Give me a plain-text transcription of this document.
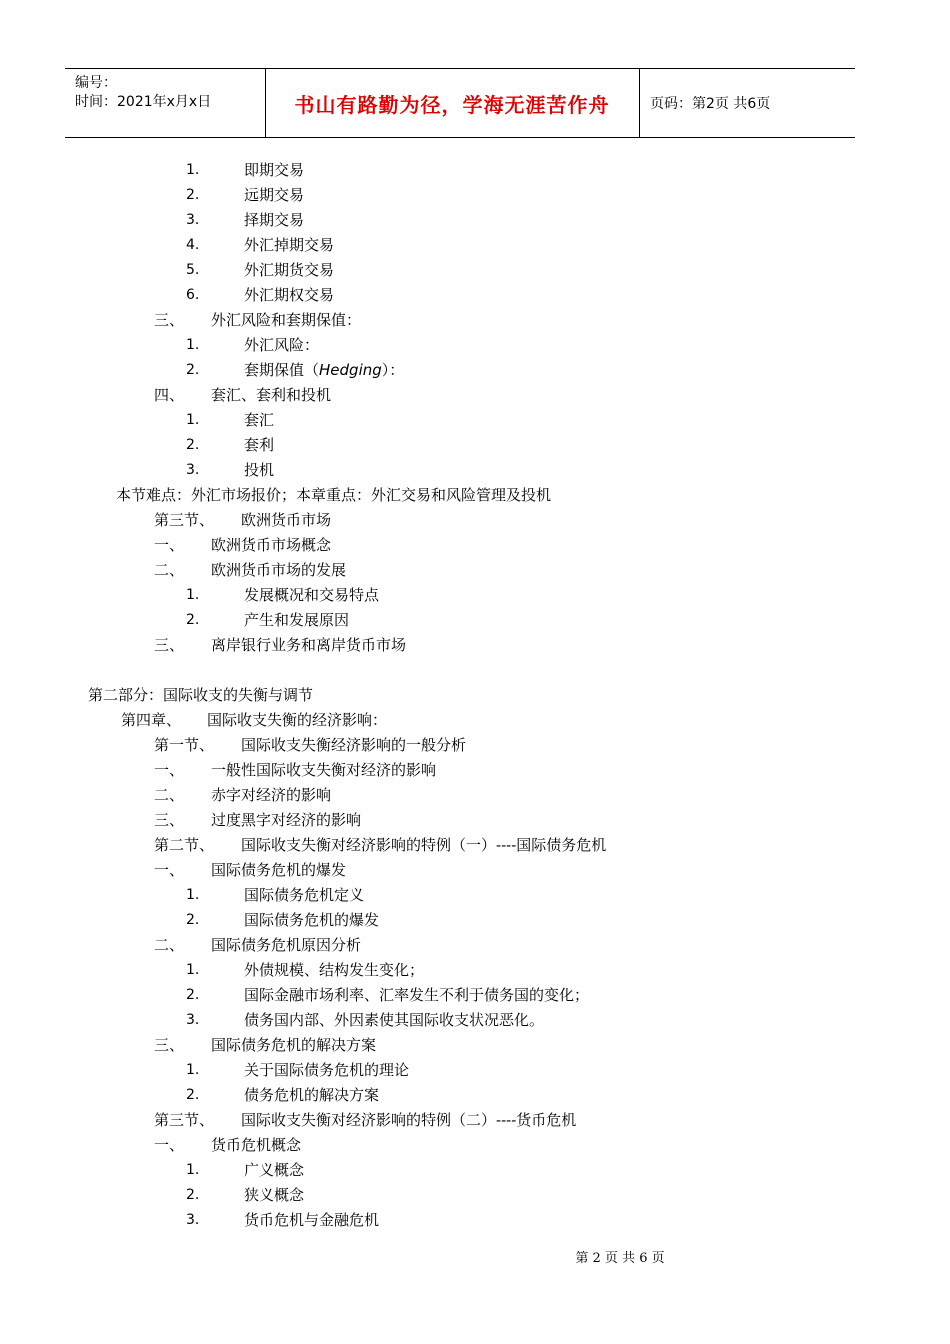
编号：
时间：2021年x月x日	书山有路勤为径，学海无涯苦作舟	页码：第2页 共6页
1.	即期交易
2.	远期交易
3.	择期交易
4.	外汇掉期交易
5.	外汇期货交易
6.	外汇期权交易
三、 外汇风险和套期保值：
1.	外汇风险：
2.	套期保值（Hedging）：
四、 套汇、套利和投机
1.	套汇
2.	套利
3.	投机
本节难点：外汇市场报价；本章重点：外汇交易和风险管理及投机
第三节、 欧洲货币市场
一、 欧洲货币市场概念
二、 欧洲货币市场的发展
1.	发展概况和交易特点
2.	产生和发展原因
三、 离岸银行业务和离岸货币市场
第二部分：国际收支的失衡与调节
第四章、 国际收支失衡的经济影响：
第一节、 国际收支失衡经济影响的一般分析
一、 一般性国际收支失衡对经济的影响
二、 赤字对经济的影响
三、 过度黑字对经济的影响
第二节、 国际收支失衡对经济影响的特例（一）----国际债务危机
一、 国际债务危机的爆发
1.	国际债务危机定义
2.	国际债务危机的爆发
二、 国际债务危机原因分析
1.	外债规模、结构发生变化；
2.	国际金融市场利率、汇率发生不利于债务国的变化；
3.	债务国内部、外因素使其国际收支状况恶化。
三、 国际债务危机的解决方案
1.	关于国际债务危机的理论
2.	债务危机的解决方案
第三节、 国际收支失衡对经济影响的特例（二）----货币危机
一、 货币危机概念
1.	广义概念
2.	狭义概念
3.	货币危机与金融危机
第 2 页 共 6 页
